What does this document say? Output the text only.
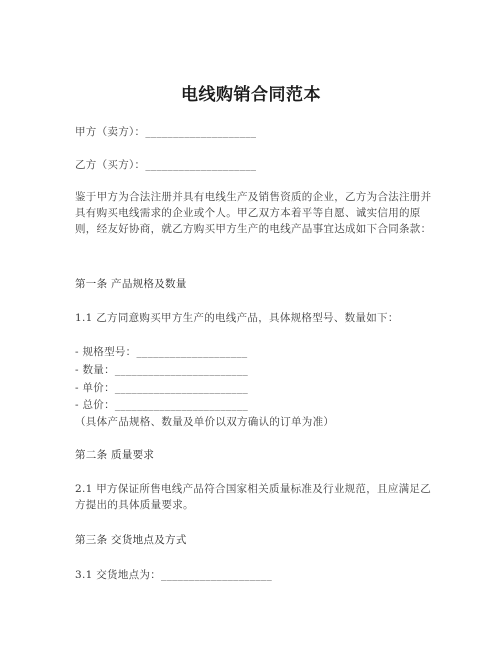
电线购销合同范本
甲方（卖方）：____________________
乙方（买方）：____________________
鉴于甲方为合法注册并具有电线生产及销售资质的企业，乙方为合法注册并具有购买电线需求的企业或个人。甲乙双方本着平等自愿、诚实信用的原则，经友好协商，就乙方购买甲方生产的电线产品事宜达成如下合同条款：
第一条 产品规格及数量
1.1 乙方同意购买甲方生产的电线产品，具体规格型号、数量如下：
- 规格型号：____________________
- 数量：________________________
- 单价：________________________
- 总价：________________________
（具体产品规格、数量及单价以双方确认的订单为准）
第二条 质量要求
2.1 甲方保证所售电线产品符合国家相关质量标准及行业规范，且应满足乙方提出的具体质量要求。
第三条 交货地点及方式
3.1 交货地点为：____________________
